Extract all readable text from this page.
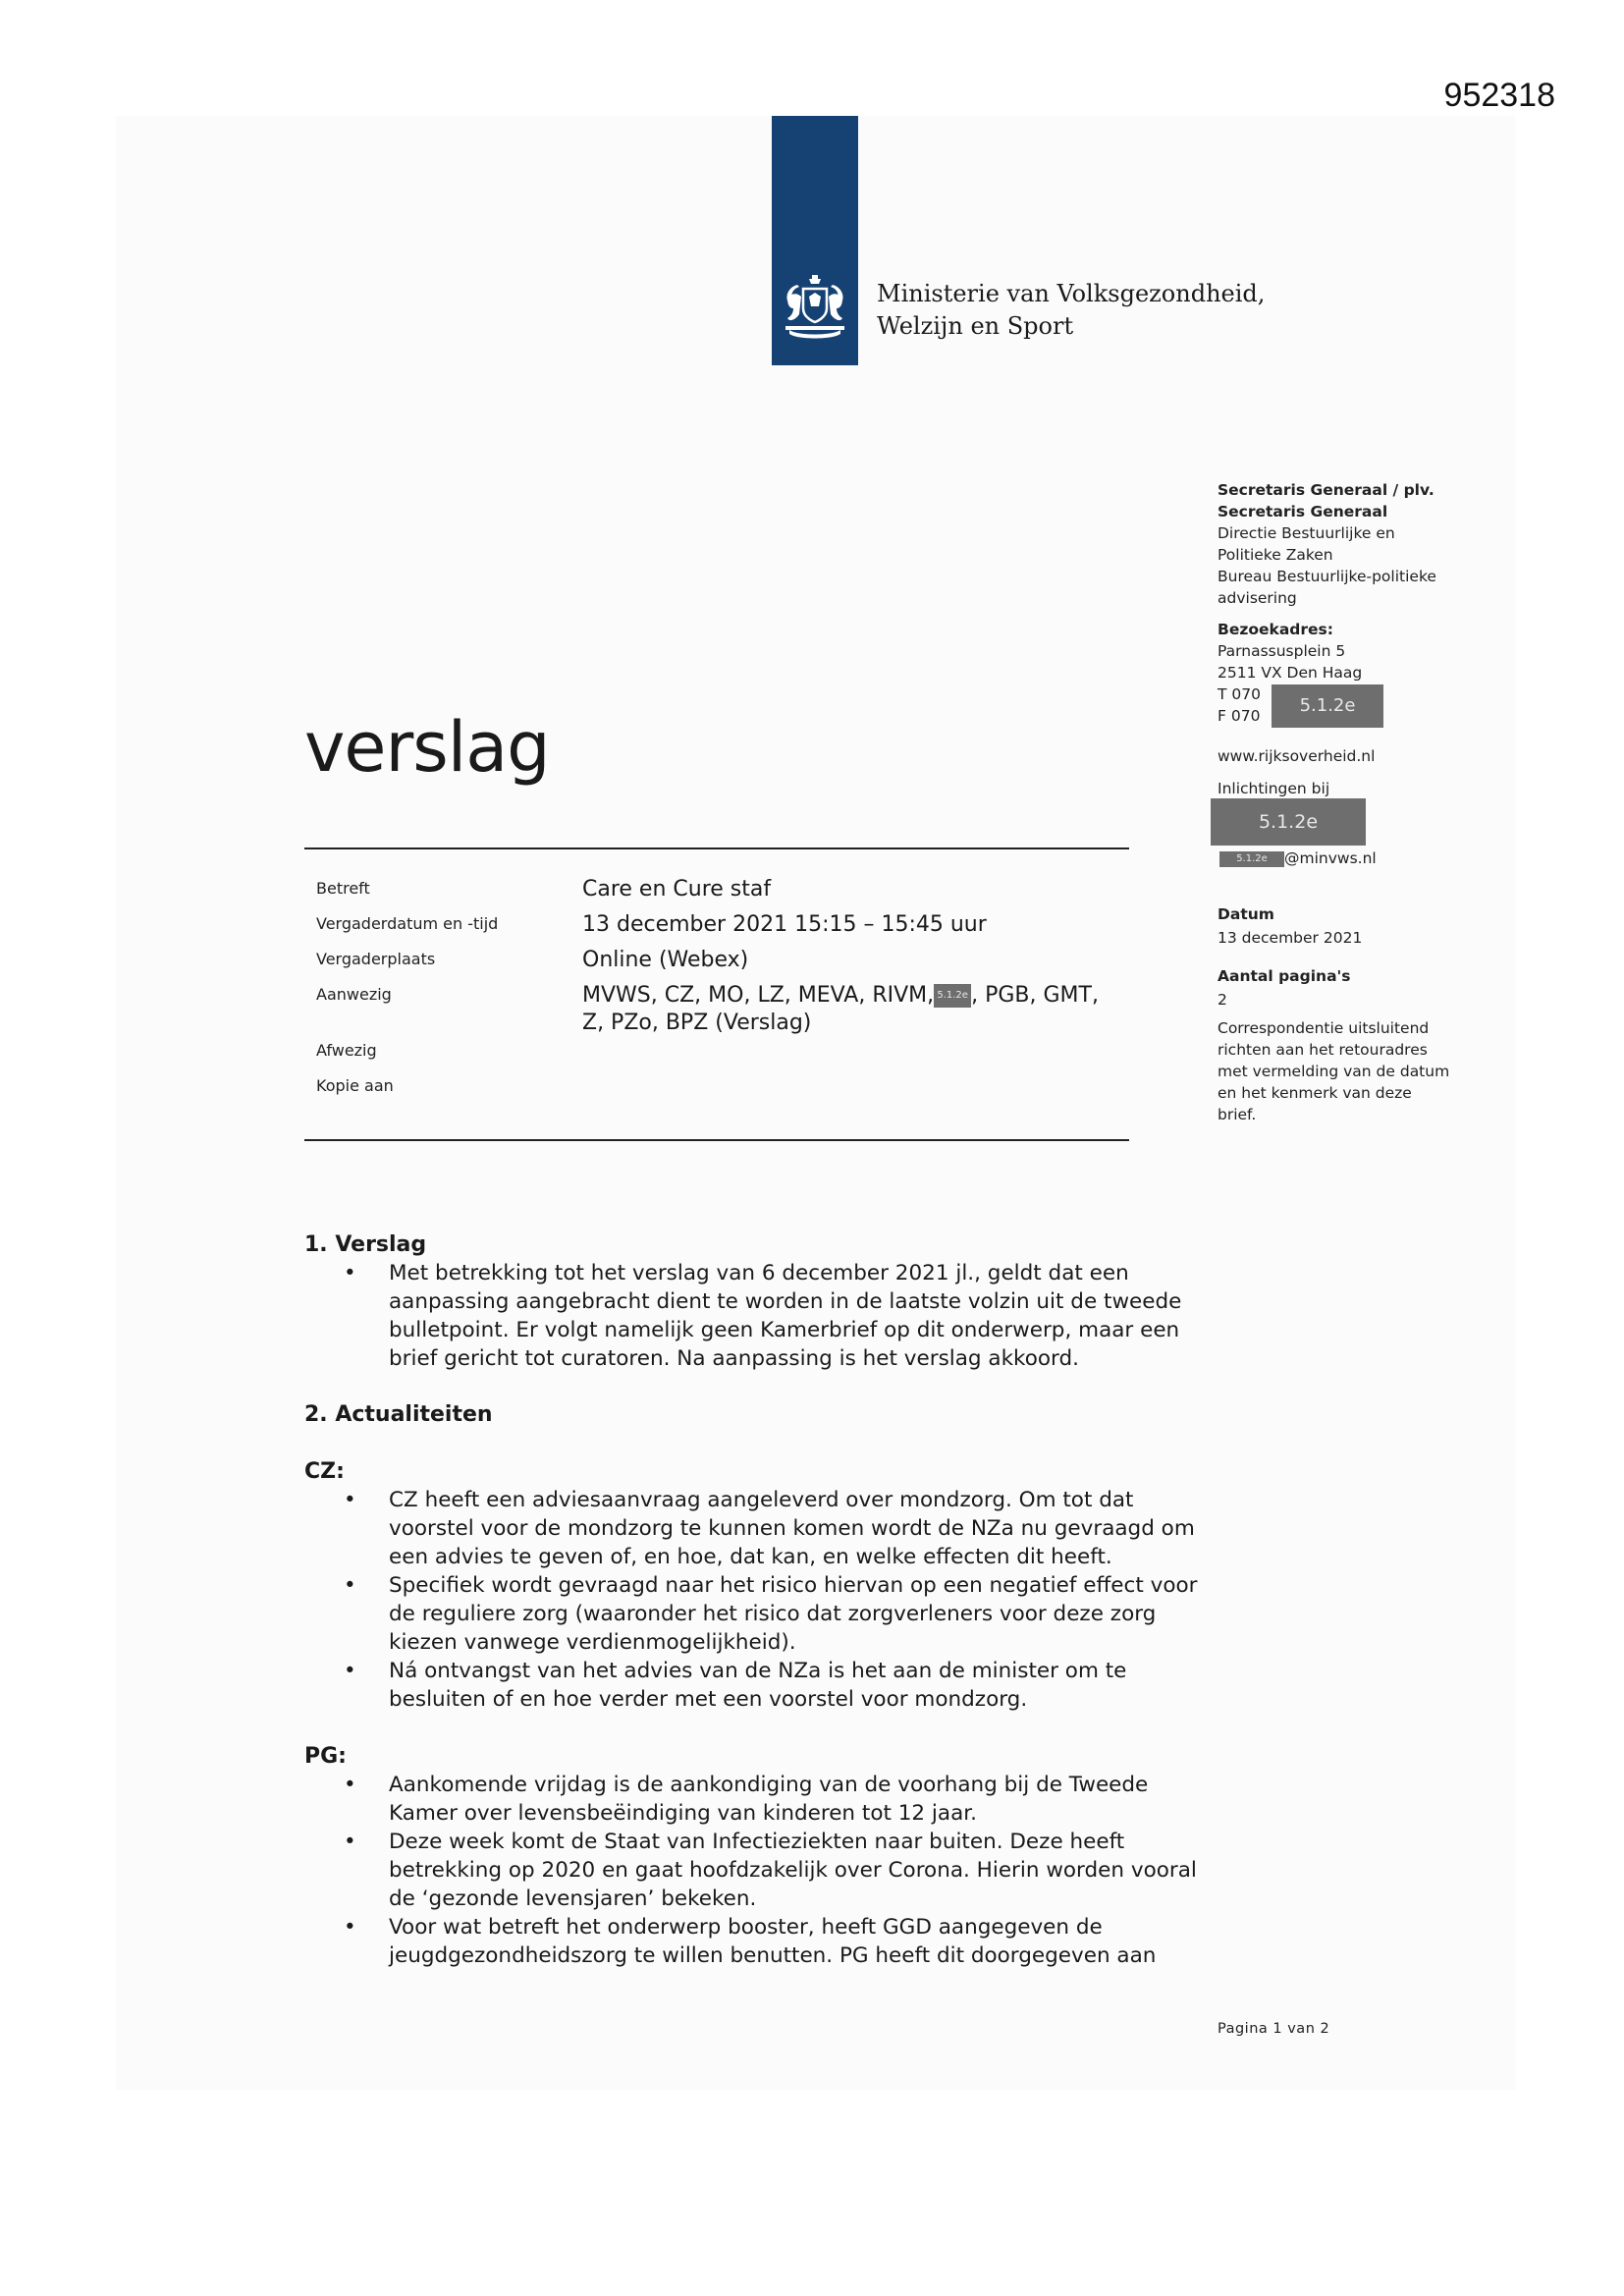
952318
Ministerie van Volksgezondheid,
Welzijn en Sport
verslag
Betreft
Vergaderdatum en -tijd
Vergaderplaats
Aanwezig
Afwezig
Kopie aan
Care en Cure staf
13 december 2021 15:15 – 15:45 uur
Online (Webex)
MVWS, CZ, MO, LZ, MEVA, RIVM, 5.1.2e , PGB, GMT,
Z, PZo, BPZ (Verslag)
Secretaris Generaal / plv.
Secretaris Generaal
Directie Bestuurlijke en
Politieke Zaken
Bureau Bestuurlijke-politieke
advisering
Bezoekadres:
Parnassusplein 5
2511 VX Den Haag
T 070
F 070	5.1.2e
www.rijksoverheid.nl
Inlichtingen bij
5.1.2e
5.1.2e @minvws.nl
Datum
13 december 2021
Aantal pagina's
2
Correspondentie uitsluitend
richten aan het retouradres
met vermelding van de datum
en het kenmerk van deze
brief.
1. Verslag
• Met betrekking tot het verslag van 6 december 2021 jl., geldt dat een aanpassing aangebracht dient te worden in de laatste volzin uit de tweede bulletpoint. Er volgt namelijk geen Kamerbrief op dit onderwerp, maar een brief gericht tot curatoren. Na aanpassing is het verslag akkoord.
2. Actualiteiten
CZ:
• CZ heeft een adviesaanvraag aangeleverd over mondzorg. Om tot dat voorstel voor de mondzorg te kunnen komen wordt de NZa nu gevraagd om een advies te geven of, en hoe, dat kan, en welke effecten dit heeft.
• Specifiek wordt gevraagd naar het risico hiervan op een negatief effect voor de reguliere zorg (waaronder het risico dat zorgverleners voor deze zorg kiezen vanwege verdienmogelijkheid).
• Ná ontvangst van het advies van de NZa is het aan de minister om te besluiten of en hoe verder met een voorstel voor mondzorg.
PG:
• Aankomende vrijdag is de aankondiging van de voorhang bij de Tweede Kamer over levensbeëindiging van kinderen tot 12 jaar.
• Deze week komt de Staat van Infectieziekten naar buiten. Deze heeft betrekking op 2020 en gaat hoofdzakelijk over Corona. Hierin worden vooral de ‘gezonde levensjaren’ bekeken.
• Voor wat betreft het onderwerp booster, heeft GGD aangegeven de jeugdgezondheidszorg te willen benutten. PG heeft dit doorgegeven aan
Pagina 1 van 2
